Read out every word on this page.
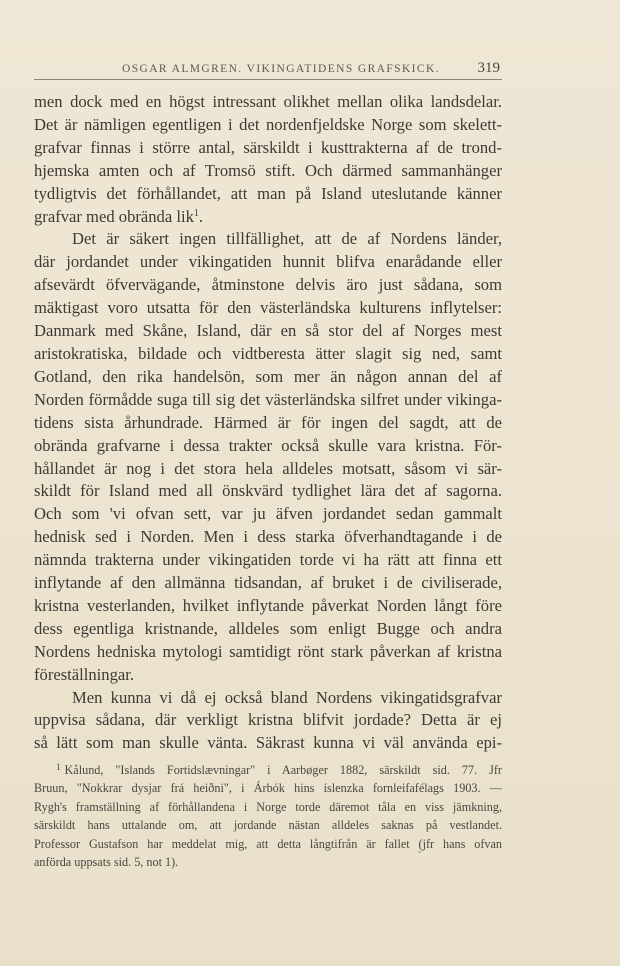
OSGAR ALMGREN. VIKINGATIDENS GRAFSKICK.	319
men dock med en högst intressant olikhet mellan olika landsdelar.
Det är nämligen egentligen i det nordenfjeldske Norge som skelett-
grafvar finnas i större antal, särskildt i kusttrakterna af de trond-
hjemska amten och af Tromsö stift. Och därmed sammanhänger
tydligtvis det förhållandet, att man på Island uteslutande känner
grafvar med obrända lik$^1$.
Det är säkert ingen tillfällighet, att de af Nordens länder,
där jordandet under vikingatiden hunnit blifva enarådande eller
afsevärdt öfvervägande, åtminstone delvis äro just sådana, som
mäktigast voro utsatta för den västerländska kulturens inflytelser:
Danmark med Skåne, Island, där en så stor del af Norges mest
aristokratiska, bildade och vidtberesta ätter slagit sig ned, samt
Gotland, den rika handelsön, som mer än någon annan del af
Norden förmådde suga till sig det västerländska silfret under vikinga-
tidens sista århundrade. Härmed är för ingen del sagdt, att de
obrända grafvarne i dessa trakter också skulle vara kristna. För-
hållandet är nog i det stora hela alldeles motsatt, såsom vi sär-
skildt för Island med all önskvärd tydlighet lära det af sagorna.
Och som 'vi ofvan sett, var ju äfven jordandet sedan gammalt
hednisk sed i Norden. Men i dess starka öfverhandtagande i de
nämnda trakterna under vikingatiden torde vi ha rätt att finna ett
inflytande af den allmänna tidsandan, af bruket i de civiliserade,
kristna vesterlanden, hvilket inflytande påverkat Norden långt före
dess egentliga kristnande, alldeles som enligt Bugge och andra
Nordens hedniska mytologi samtidigt rönt stark påverkan af kristna
föreställningar.
Men kunna vi då ej också bland Nordens vikingatidsgrafvar
uppvisa sådana, där verkligt kristna blifvit jordade? Detta är ej
så lätt som man skulle vänta. Säkrast kunna vi väl använda epi-
$^1$ Kålund, "Islands Fortidslævningar" i Aarbøger 1882, särskildt sid. 77. Jfr
Bruun, "Nokkrar dysjar frá heiðni", i Árbók hins íslenzka fornleifafélags 1903. —
Rygh's framställning af förhållandena i Norge torde däremot tåla en viss jämkning,
särskildt hans uttalande om, att jordande nästan alldeles saknas på vestlandet.
Professor Gustafson har meddelat mig, att detta långtifrån är fallet (jfr hans ofvan
anförda uppsats sid. 5, not 1).
